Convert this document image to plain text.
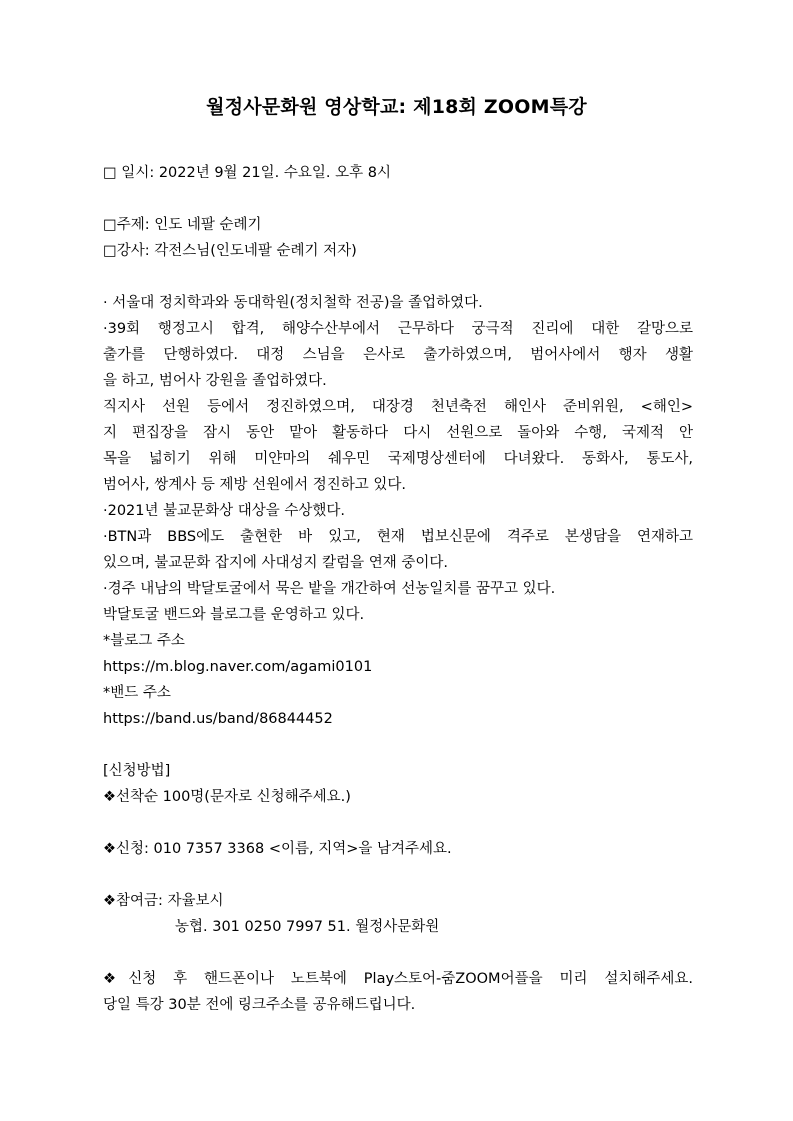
월정사문화원 영상학교: 제18회 ZOOM특강
□ 일시: 2022년 9월 21일. 수요일. 오후 8시
□주제: 인도 네팔 순례기
□강사: 각전스님(인도네팔 순례기 저자)
· 서울대 정치학과와 동대학원(정치철학 전공)을 졸업하였다.
·39회 행정고시 합격, 해양수산부에서 근무하다 궁극적 진리에 대한 갈망으로
출가를 단행하였다. 대정 스님을 은사로 출가하였으며, 범어사에서 행자 생활
을 하고, 범어사 강원을 졸업하였다.
직지사 선원 등에서 정진하였으며, 대장경 천년축전 해인사 준비위원, <해인>
지 편집장을 잠시 동안 맡아 활동하다 다시 선원으로 돌아와 수행, 국제적 안
목을 넓히기 위해 미얀마의 쉐우민 국제명상센터에 다녀왔다. 동화사, 통도사,
범어사, 쌍계사 등 제방 선원에서 정진하고 있다.
·2021년 불교문화상 대상을 수상했다.
·BTN과 BBS에도 출현한 바 있고, 현재 법보신문에 격주로 본생담을 연재하고
있으며, 불교문화 잡지에 사대성지 칼럼을 연재 중이다.
·경주 내남의 박달토굴에서 묵은 밭을 개간하여 선농일치를 꿈꾸고 있다.
박달토굴 밴드와 블로그를 운영하고 있다.
*블로그 주소
https://m.blog.naver.com/agami0101
*밴드 주소
https://band.us/band/86844452
[신청방법]
❖선착순 100명(문자로 신청해주세요.)
❖신청: 010 7357 3368 <이름, 지역>을 남겨주세요.
❖참여금: 자율보시
농협. 301 0250 7997 51. 월정사문화원
❖신청 후 핸드폰이나 노트북에 Play스토어-줌ZOOM어플을 미리 설치해주세요.
당일 특강 30분 전에 링크주소를 공유해드립니다.
